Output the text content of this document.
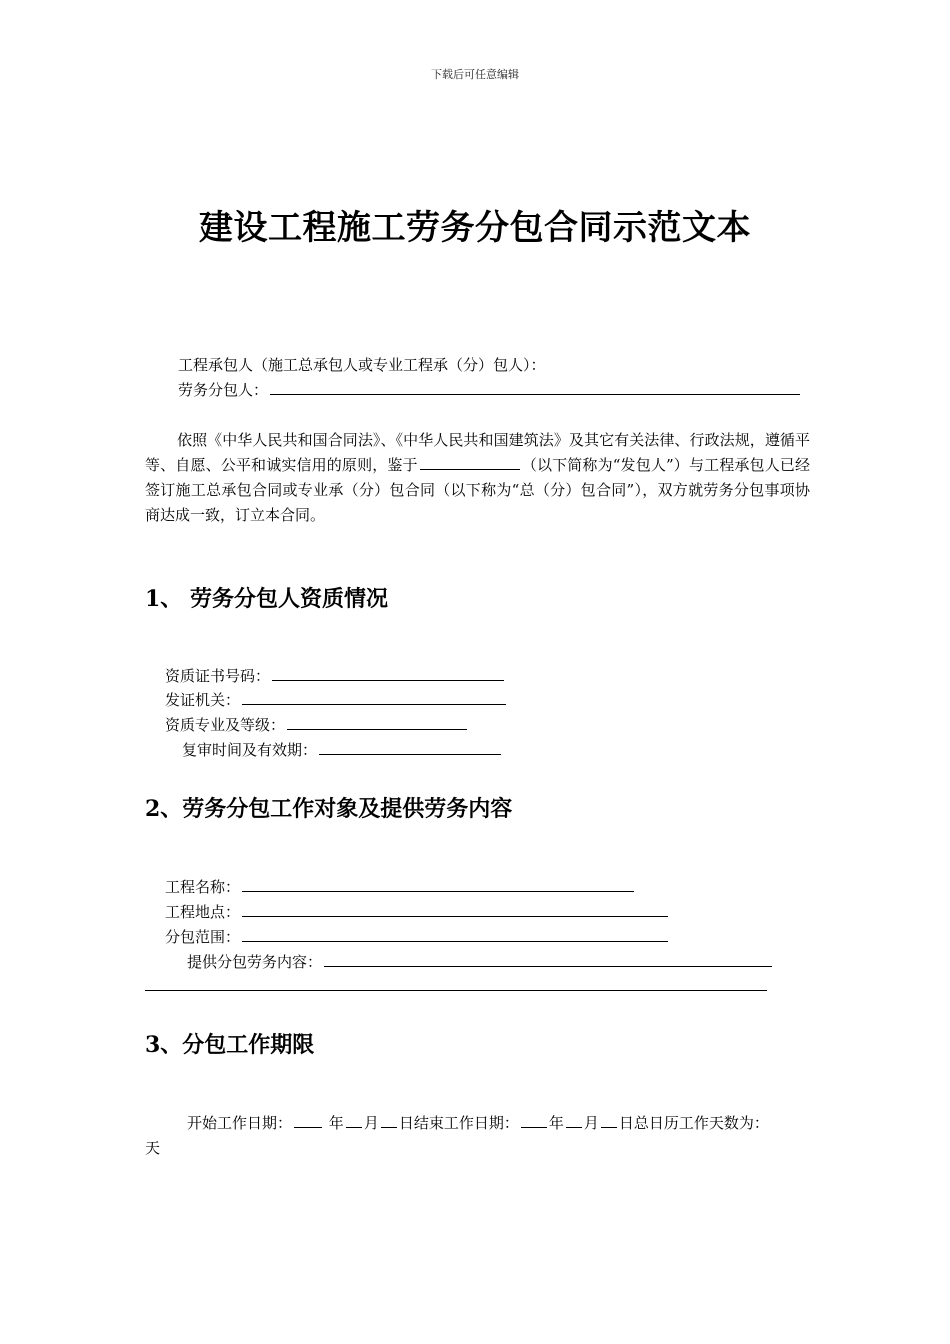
下载后可任意编辑
建设工程施工劳务分包合同示范文本
工程承包人（施工总承包人或专业工程承（分）包人）：
劳务分包人：
依照《中华人民共和国合同法》、《中华人民共和国建筑法》及其它有关法律、行政法规，遵循平等、自愿、公平和诚实信用的原则，鉴于	（以下简称为“发包人”）与工程承包人已经签订施工总承包合同或专业承（分）包合同（以下称为“总（分）包合同”），双方就劳务分包事项协商达成一致，订立本合同。
1、 劳务分包人资质情况
资质证书号码：
发证机关：
资质专业及等级：
复审时间及有效期：
2、劳务分包工作对象及提供劳务内容
工程名称：
工程地点：
分包范围：
提供分包劳务内容：
3、分包工作期限
开始工作日期： 年 月 日结束工作日期： 年 月 日总日历工作天数为：
天
